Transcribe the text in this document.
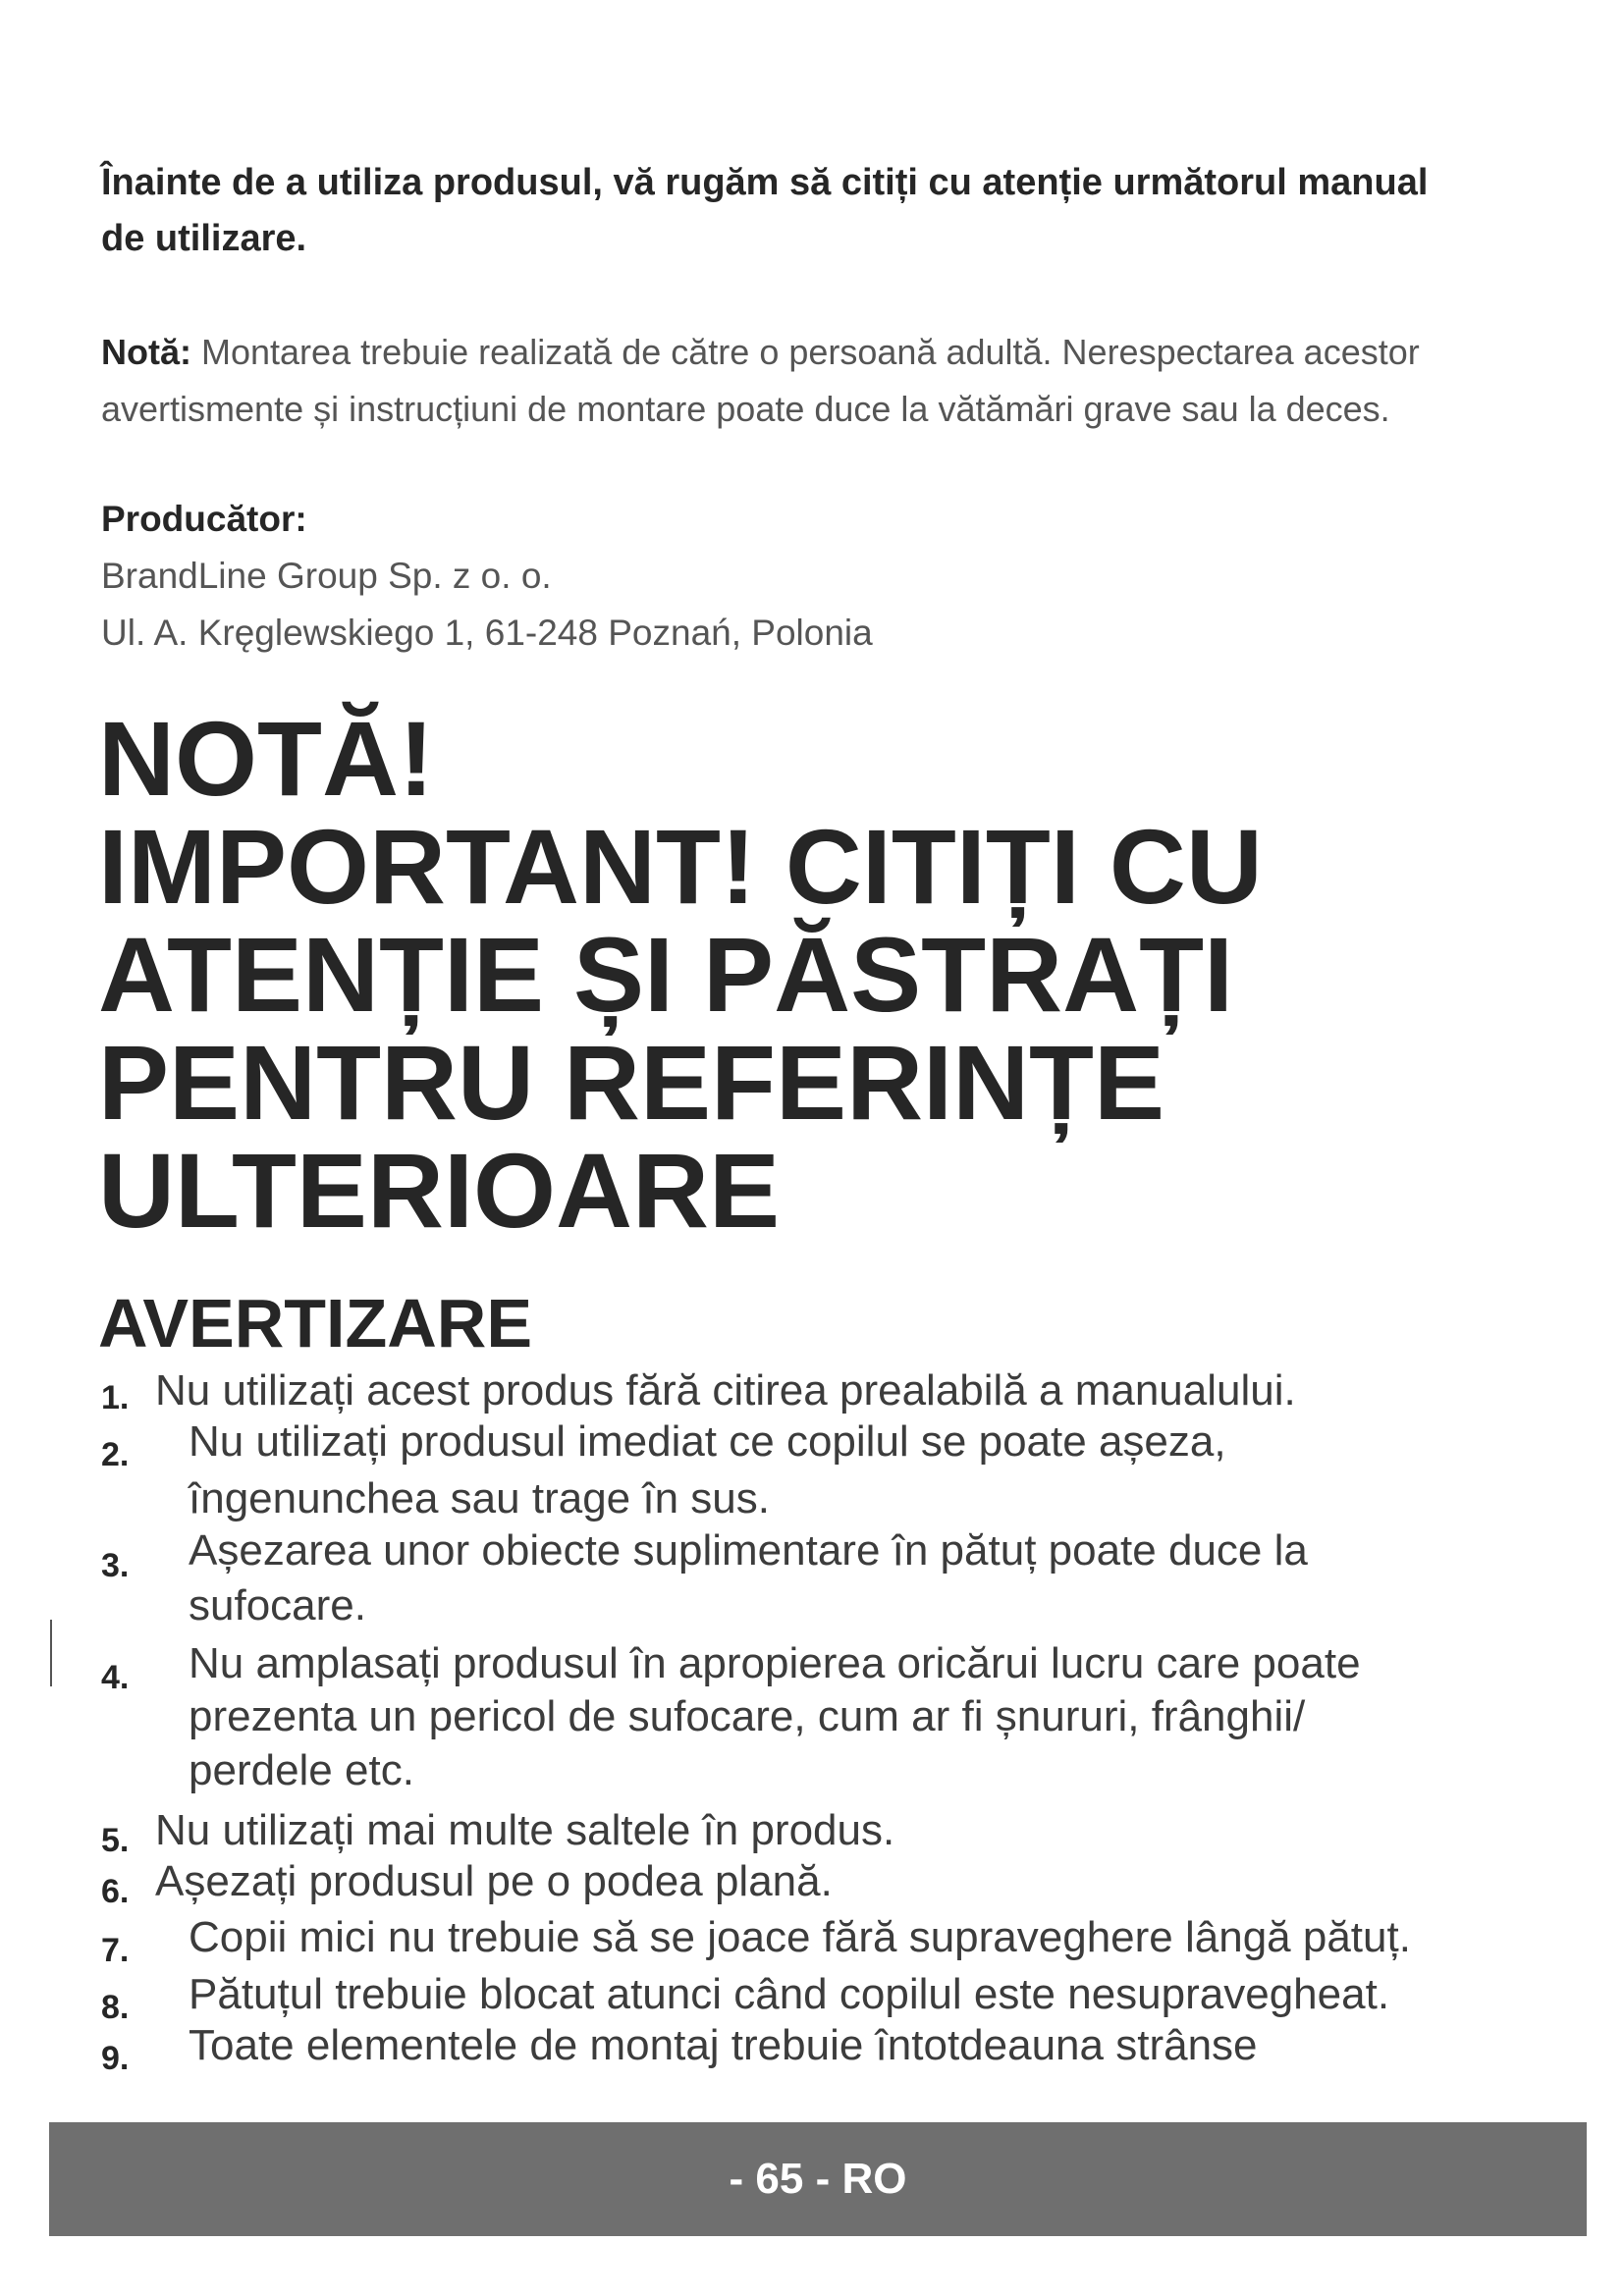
Înainte de a utiliza produsul, vă rugăm să citiți cu atenție următorul manual
de utilizare.
Notă: Montarea trebuie realizată de către o persoană adultă. Nerespectarea acestor
avertismente și instrucțiuni de montare poate duce la vătămări grave sau la deces.
Producător:
BrandLine Group Sp. z o. o.
Ul. A. Kręglewskiego 1, 61-248 Poznań, Polonia
NOTĂ!
IMPORTANT! CITIȚI CU
ATENȚIE ȘI PĂSTRAȚI
PENTRU REFERINȚE
ULTERIOARE
AVERTIZARE
1. Nu utilizați acest produs fără citirea prealabilă a manualului.
2. Nu utilizați produsul imediat ce copilul se poate așeza,
îngenunchea sau trage în sus.
3. Așezarea unor obiecte suplimentare în pătuț poate duce la
sufocare.
4. Nu amplasați produsul în apropierea oricărui lucru care poate
prezenta un pericol de sufocare, cum ar fi șnururi, frânghii/
perdele etc.
5. Nu utilizați mai multe saltele în produs.
6. Așezați produsul pe o podea plană.
7. Copii mici nu trebuie să se joace fără supraveghere lângă pătuț.
8. Pătuțul trebuie blocat atunci când copilul este nesupravegheat.
9. Toate elementele de montaj trebuie întotdeauna strânse
- 65 - RO
